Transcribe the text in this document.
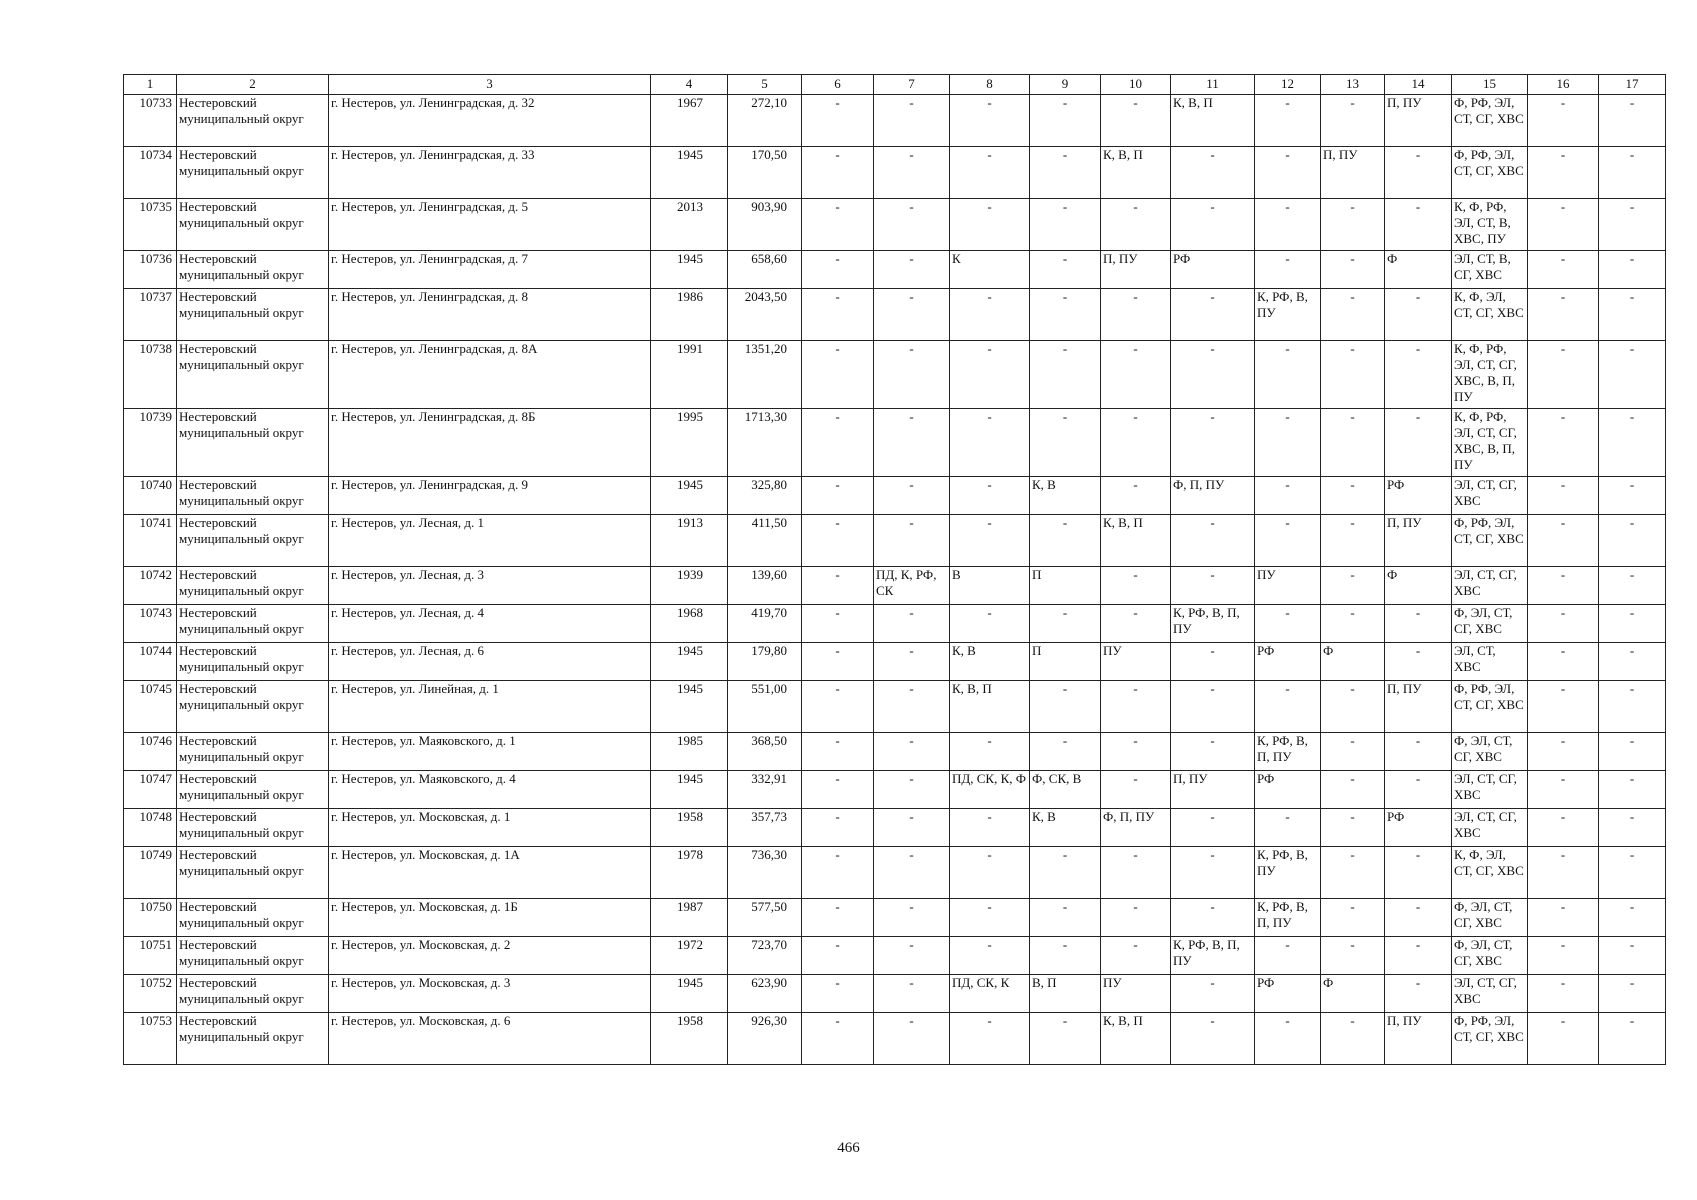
1	2	3	4	5	6	7	8	9	10	11	12	13	14	15	16	17
10733	Нестеровский муниципальный округ	г. Нестеров, ул. Ленинградская, д. 32	1967	272,10	-	-	-	-	-	К, В, П	-	-	П, ПУ	Ф, РФ, ЭЛ, СТ, СГ, ХВС	-	-
10734	Нестеровский муниципальный округ	г. Нестеров, ул. Ленинградская, д. 33	1945	170,50	-	-	-	-	К, В, П	-	-	П, ПУ	-	Ф, РФ, ЭЛ, СТ, СГ, ХВС	-	-
10735	Нестеровский муниципальный округ	г. Нестеров, ул. Ленинградская, д. 5	2013	903,90	-	-	-	-	-	-	-	-	-	К, Ф, РФ, ЭЛ, СТ, В, ХВС, ПУ	-	-
10736	Нестеровский муниципальный округ	г. Нестеров, ул. Ленинградская, д. 7	1945	658,60	-	-	К	-	П, ПУ	РФ	-	-	Ф	ЭЛ, СТ, В, СГ, ХВС	-	-
10737	Нестеровский муниципальный округ	г. Нестеров, ул. Ленинградская, д. 8	1986	2043,50	-	-	-	-	-	-	К, РФ, В, ПУ	-	-	К, Ф, ЭЛ, СТ, СГ, ХВС	-	-
10738	Нестеровский муниципальный округ	г. Нестеров, ул. Ленинградская, д. 8А	1991	1351,20	-	-	-	-	-	-	-	-	-	К, Ф, РФ, ЭЛ, СТ, СГ, ХВС, В, П, ПУ	-	-
10739	Нестеровский муниципальный округ	г. Нестеров, ул. Ленинградская, д. 8Б	1995	1713,30	-	-	-	-	-	-	-	-	-	К, Ф, РФ, ЭЛ, СТ, СГ, ХВС, В, П, ПУ	-	-
10740	Нестеровский муниципальный округ	г. Нестеров, ул. Ленинградская, д. 9	1945	325,80	-	-	-	К, В	-	Ф, П, ПУ	-	-	РФ	ЭЛ, СТ, СГ, ХВС	-	-
10741	Нестеровский муниципальный округ	г. Нестеров, ул. Лесная, д. 1	1913	411,50	-	-	-	-	К, В, П	-	-	-	П, ПУ	Ф, РФ, ЭЛ, СТ, СГ, ХВС	-	-
10742	Нестеровский муниципальный округ	г. Нестеров, ул. Лесная, д. 3	1939	139,60	-	ПД, К, РФ, СК	В	П	-	-	ПУ	-	Ф	ЭЛ, СТ, СГ, ХВС	-	-
10743	Нестеровский муниципальный округ	г. Нестеров, ул. Лесная, д. 4	1968	419,70	-	-	-	-	-	К, РФ, В, П, ПУ	-	-	-	Ф, ЭЛ, СТ, СГ, ХВС	-	-
10744	Нестеровский муниципальный округ	г. Нестеров, ул. Лесная, д. 6	1945	179,80	-	-	К, В	П	ПУ	-	РФ	Ф	-	ЭЛ, СТ, ХВС	-	-
10745	Нестеровский муниципальный округ	г. Нестеров, ул. Линейная, д. 1	1945	551,00	-	-	К, В, П	-	-	-	-	-	П, ПУ	Ф, РФ, ЭЛ, СТ, СГ, ХВС	-	-
10746	Нестеровский муниципальный округ	г. Нестеров, ул. Маяковского, д. 1	1985	368,50	-	-	-	-	-	-	К, РФ, В, П, ПУ	-	-	Ф, ЭЛ, СТ, СГ, ХВС	-	-
10747	Нестеровский муниципальный округ	г. Нестеров, ул. Маяковского, д. 4	1945	332,91	-	-	ПД, СК, К, Ф	Ф, СК, В	-	П, ПУ	РФ	-	-	ЭЛ, СТ, СГ, ХВС	-	-
10748	Нестеровский муниципальный округ	г. Нестеров, ул. Московская, д. 1	1958	357,73	-	-	-	К, В	Ф, П, ПУ	-	-	-	РФ	ЭЛ, СТ, СГ, ХВС	-	-
10749	Нестеровский муниципальный округ	г. Нестеров, ул. Московская, д. 1А	1978	736,30	-	-	-	-	-	-	К, РФ, В, ПУ	-	-	К, Ф, ЭЛ, СТ, СГ, ХВС	-	-
10750	Нестеровский муниципальный округ	г. Нестеров, ул. Московская, д. 1Б	1987	577,50	-	-	-	-	-	-	К, РФ, В, П, ПУ	-	-	Ф, ЭЛ, СТ, СГ, ХВС	-	-
10751	Нестеровский муниципальный округ	г. Нестеров, ул. Московская, д. 2	1972	723,70	-	-	-	-	-	К, РФ, В, П, ПУ	-	-	-	Ф, ЭЛ, СТ, СГ, ХВС	-	-
10752	Нестеровский муниципальный округ	г. Нестеров, ул. Московская, д. 3	1945	623,90	-	-	ПД, СК, К	В, П	ПУ	-	РФ	Ф	-	ЭЛ, СТ, СГ, ХВС	-	-
10753	Нестеровский муниципальный округ	г. Нестеров, ул. Московская, д. 6	1958	926,30	-	-	-	-	К, В, П	-	-	-	П, ПУ	Ф, РФ, ЭЛ, СТ, СГ, ХВС	-	-
466
